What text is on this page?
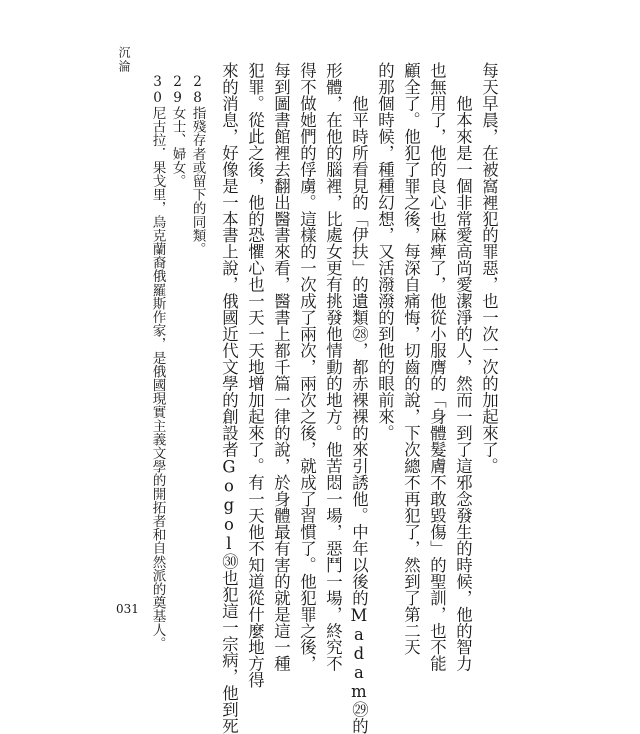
沉淪
每天早晨，在被窩裡犯的罪惡，也一次一次的加起來了。
　　他本來是一個非常愛高尚愛潔淨的人，然而一到了這邪念發生的時候，他的智力
也無用了，他的良心也麻痺了，他從小服膺的「身體髮膚不敢毀傷」的聖訓，也不能
顧全了。他犯了罪之後，每深自痛悔，切齒的說，下次總不再犯了，然到了第二天
的那個時候，種種幻想，又活潑潑的到他的眼前來。
　　他平時所看見的「伊扶」的遺類㉘，都赤裸裸的來引誘他。中年以後的Madam㉙的
形體，在他的腦裡，比處女更有挑發他情動的地方。他苦悶一場，惡鬥一場，終究不
得不做她們的俘虜。這樣的一次成了兩次，兩次之後，就成了習慣了。他犯罪之後，
每到圖書館裡去翻出醫書來看，醫書上都千篇一律的說，於身體最有害的就是這一種
犯罪。從此之後，他的恐懼心也一天一天地增加起來了。有一天他不知道從什麼地方得
來的消息，好像是一本書上說，俄國近代文學的創設者Gogol㉚也犯這一宗病，他到死
28指殘存者或留下的同類。
29女士、婦女。
30尼古拉．果戈里，烏克蘭裔俄羅斯作家，是俄國現實主義文學的開拓者和自然派的奠基人。
031
